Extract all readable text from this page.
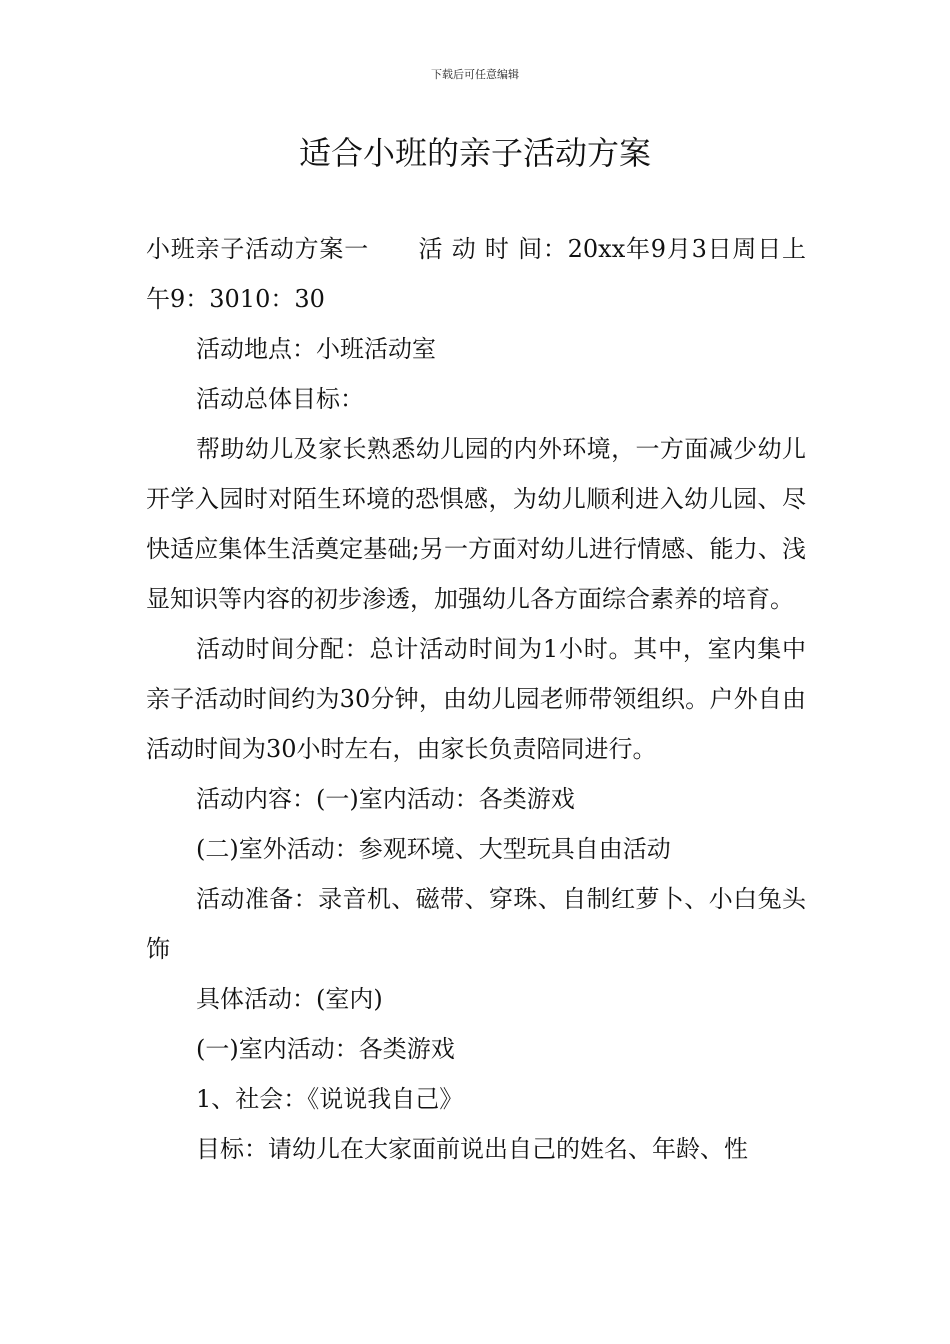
下载后可任意编辑
适合小班的亲子活动方案

小班亲子活动方案一　　活 动 时 间：20xx年9月3日周日上午9：3010：30

活动地点：小班活动室

活动总体目标：

帮助幼儿及家长熟悉幼儿园的内外环境，一方面减少幼儿开学入园时对陌生环境的恐惧感，为幼儿顺利进入幼儿园、尽快适应集体生活奠定基础;另一方面对幼儿进行情感、能力、浅显知识等内容的初步渗透，加强幼儿各方面综合素养的培育。

活动时间分配：总计活动时间为1小时。其中，室内集中亲子活动时间约为30分钟，由幼儿园老师带领组织。户外自由活动时间为30小时左右，由家长负责陪同进行。

活动内容：(一)室内活动：各类游戏

(二)室外活动：参观环境、大型玩具自由活动

活动准备：录音机、磁带、穿珠、自制红萝卜、小白兔头饰

具体活动：(室内)

(一)室内活动：各类游戏

1、社会：《说说我自己》

目标：请幼儿在大家面前说出自己的姓名、年龄、性
